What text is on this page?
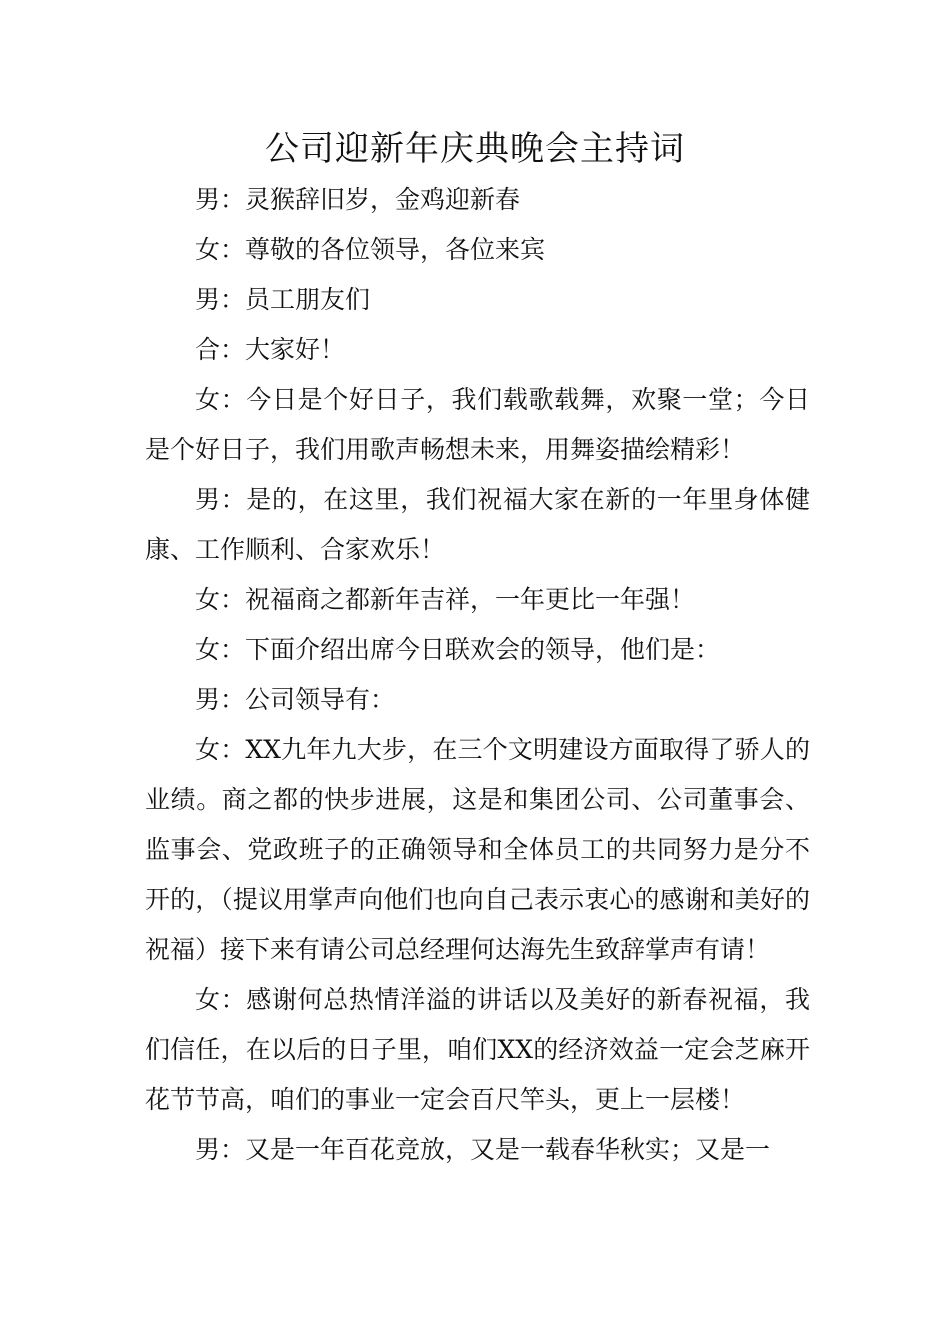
公司迎新年庆典晚会主持词

男：灵猴辞旧岁，金鸡迎新春

女：尊敬的各位领导，各位来宾

男：员工朋友们

合：大家好！

女：今日是个好日子，我们载歌载舞，欢聚一堂；今日是个好日子，我们用歌声畅想未来，用舞姿描绘精彩！

男：是的，在这里，我们祝福大家在新的一年里身体健康、工作顺利、合家欢乐！

女：祝福商之都新年吉祥，一年更比一年强！

女：下面介绍出席今日联欢会的领导，他们是：

男：公司领导有：

女：XX九年九大步，在三个文明建设方面取得了骄人的业绩。商之都的快步进展，这是和集团公司、公司董事会、监事会、党政班子的正确领导和全体员工的共同努力是分不开的，（提议用掌声向他们也向自己表示衷心的感谢和美好的祝福）接下来有请公司总经理何达海先生致辞掌声有请！

女：感谢何总热情洋溢的讲话以及美好的新春祝福，我们信任，在以后的日子里，咱们XX的经济效益一定会芝麻开花节节高，咱们的事业一定会百尺竿头，更上一层楼！

男：又是一年百花竞放，又是一载春华秋实；又是一
